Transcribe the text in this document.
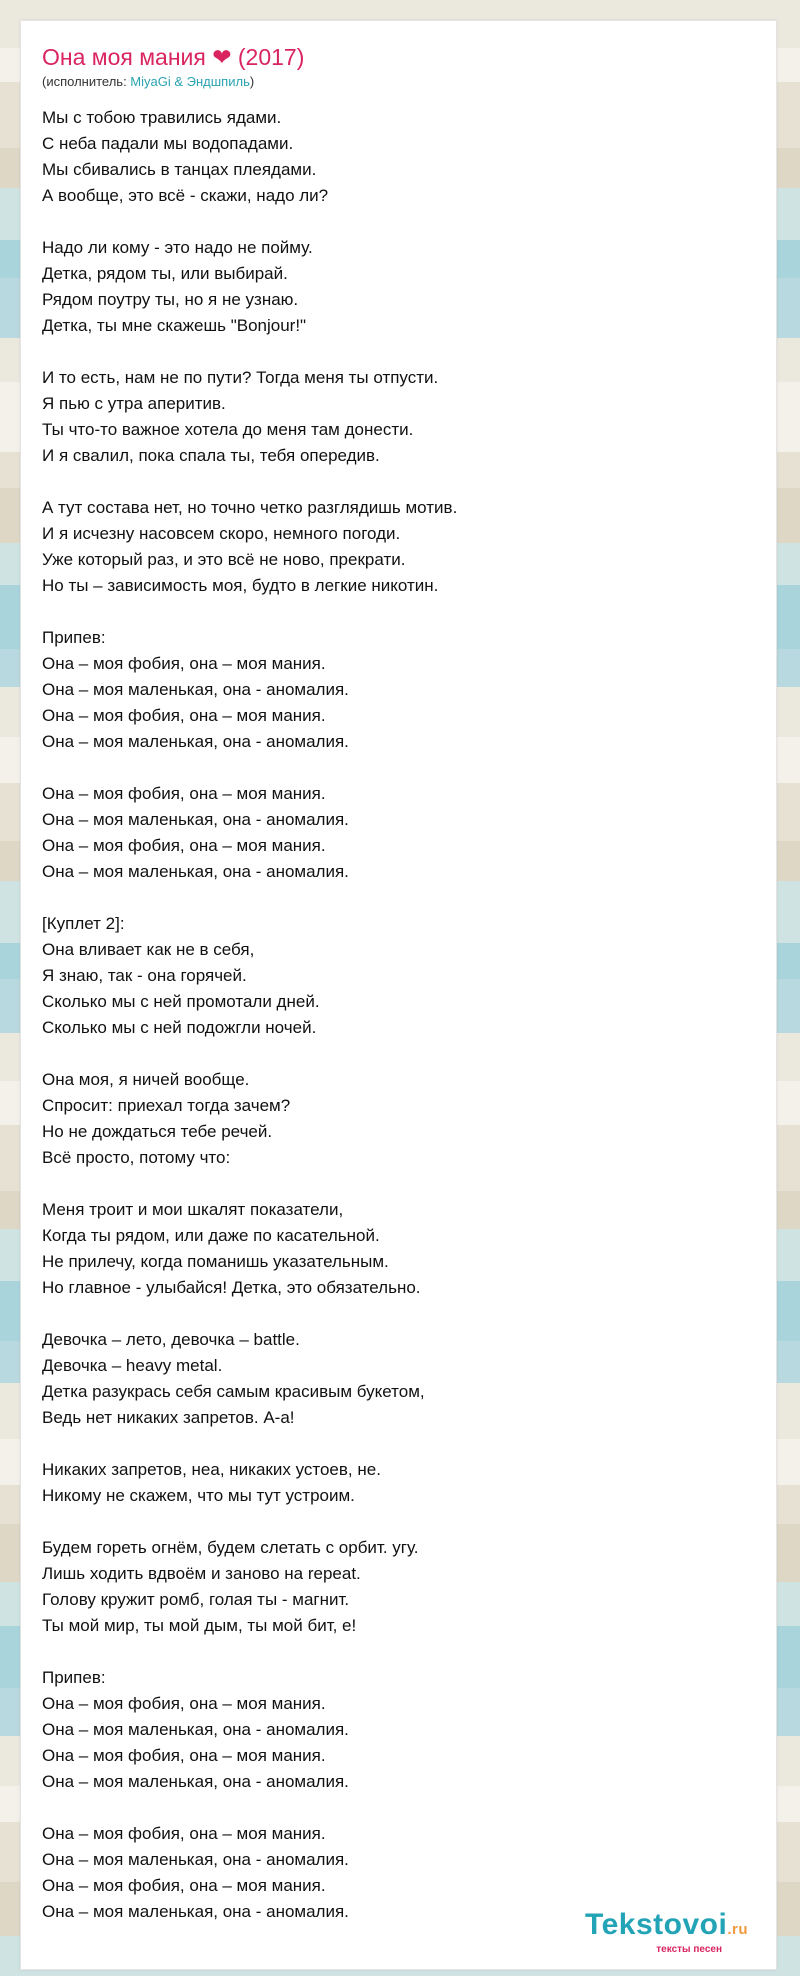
Она моя мания ❤ (2017)
(исполнитель: MiyaGi & Эндшпиль)
Мы с тобою травились ядами.
С неба падали мы водопадами.
Мы сбивались в танцах плеядами.
А вообще, это всё - скажи, надо ли?
Надо ли кому - это надо не пойму.
Детка, рядом ты, или выбирай.
Рядом поутру ты, но я не узнаю.
Детка, ты мне скажешь "Bonjour!"
И то есть, нам не по пути? Тогда меня ты отпусти.
Я пью с утра аперитив.
Ты что-то важное хотела до меня там донести.
И я свалил, пока спала ты, тебя опередив.
А тут состава нет, но точно четко разглядишь мотив.
И я исчезну насовсем скоро, немного погоди.
Уже который раз, и это всё не ново, прекрати.
Но ты – зависимость моя, будто в легкие никотин.
Припев:
Она – моя фобия, она – моя мания.
Она – моя маленькая, она - аномалия.
Она – моя фобия, она – моя мания.
Она – моя маленькая, она - аномалия.
Она – моя фобия, она – моя мания.
Она – моя маленькая, она - аномалия.
Она – моя фобия, она – моя мания.
Она – моя маленькая, она - аномалия.
[Куплет 2]:
Она вливает как не в себя,
Я знаю, так - она горячей.
Сколько мы с ней промотали дней.
Сколько мы с ней подожгли ночей.
Она моя, я ничей вообще.
Спросит: приехал тогда зачем?
Но не дождаться тебе речей.
Всё просто, потому что:
Меня троит и мои шкалят показатели,
Когда ты рядом, или даже по касательной.
Не прилечу, когда поманишь указательным.
Но главное - улыбайся! Детка, это обязательно.
Девочка – лето, девочка – battle.
Девочка – heavy metal.
Детка разукрась себя самым красивым букетом,
Ведь нет никаких запретов. А-а!
Никаких запретов, неа, никаких устоев, не.
Никому не скажем, что мы тут устроим.
Будем гореть огнём, будем слетать с орбит. угу.
Лишь ходить вдвоём и заново на repeat.
Голову кружит ромб, голая ты - магнит.
Ты мой мир, ты мой дым, ты мой бит, е!
Припев:
Она – моя фобия, она – моя мания.
Она – моя маленькая, она - аномалия.
Она – моя фобия, она – моя мания.
Она – моя маленькая, она - аномалия.
Она – моя фобия, она – моя мания.
Она – моя маленькая, она - аномалия.
Она – моя фобия, она – моя мания.
Она – моя маленькая, она - аномалия.	Tekstovoi.ru
тексты песен
